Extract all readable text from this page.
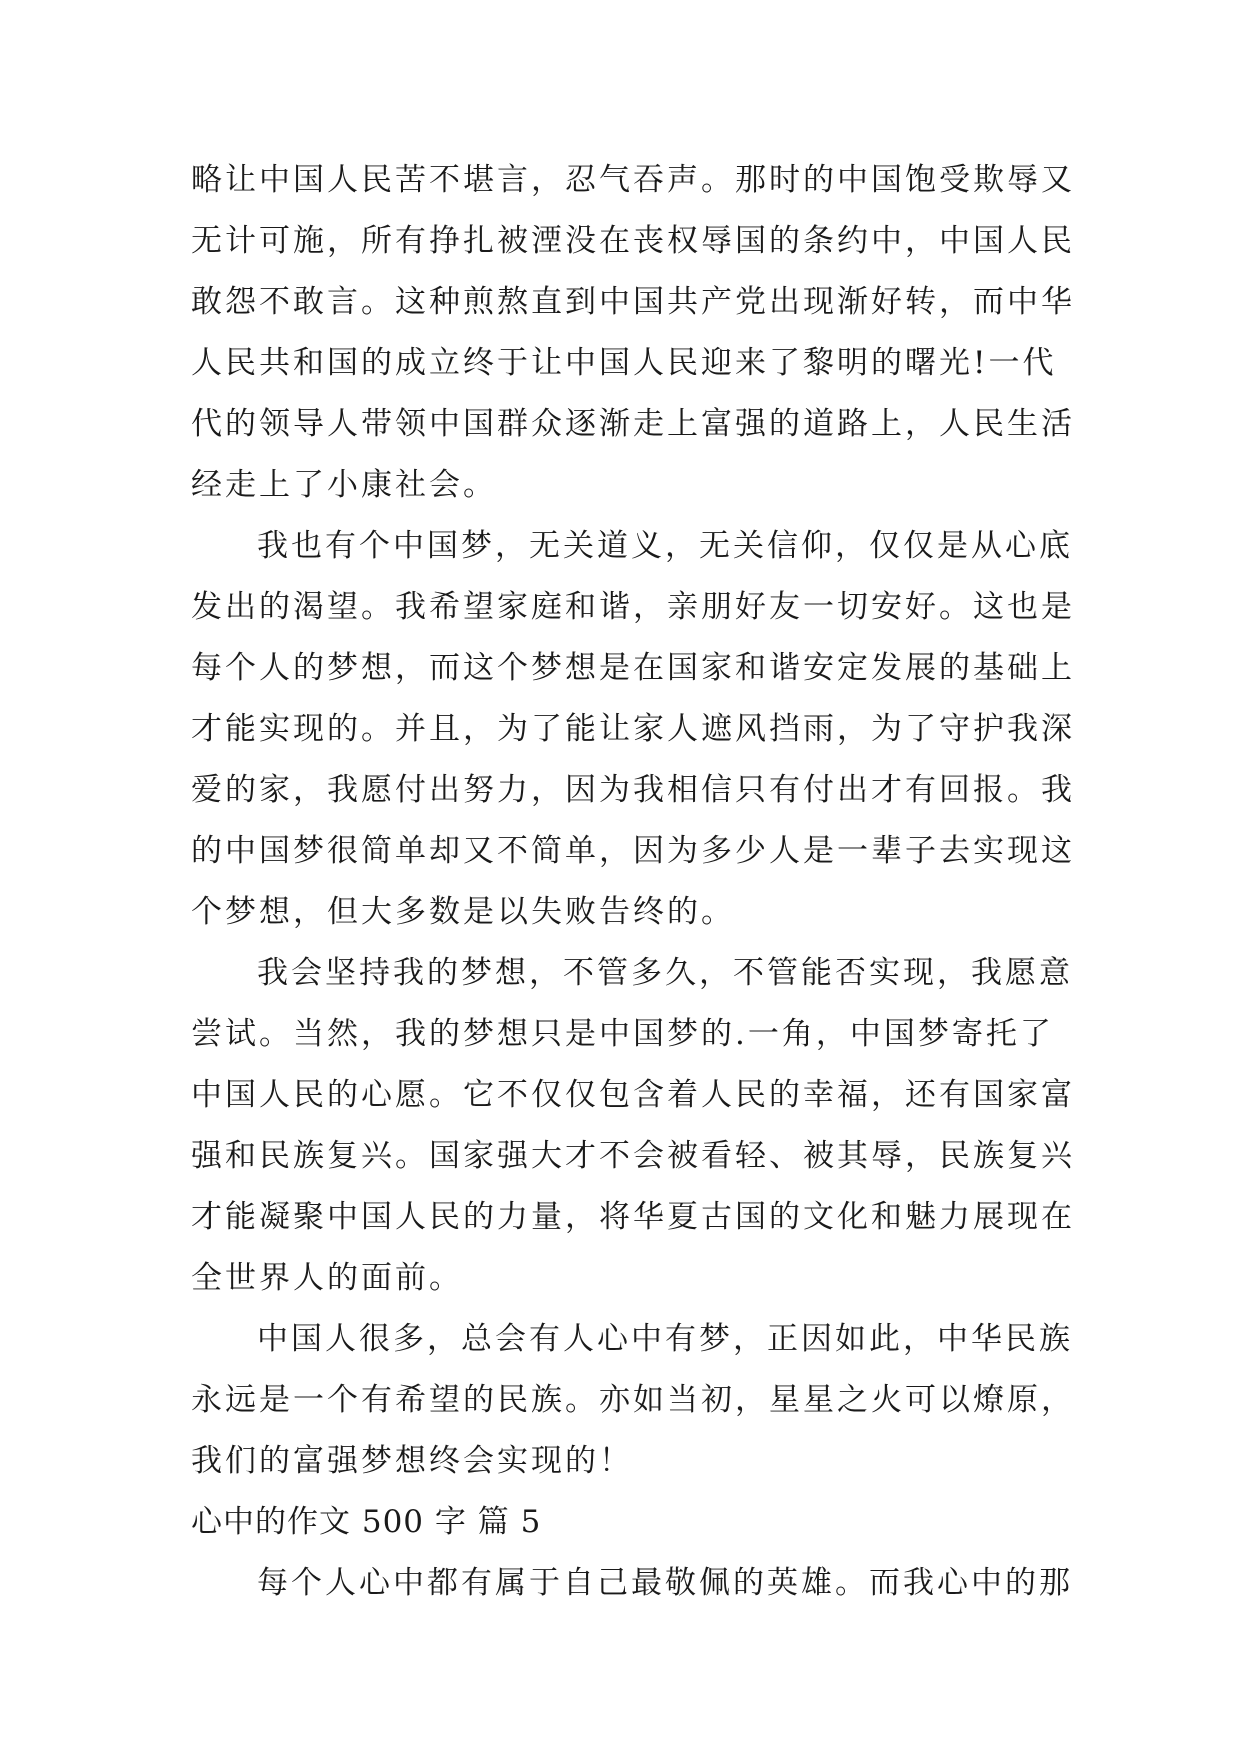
略让中国人民苦不堪言，忍气吞声。那时的中国饱受欺辱又
无计可施，所有挣扎被湮没在丧权辱国的条约中，中国人民
敢怨不敢言。这种煎熬直到中国共产党出现渐好转，而中华
人民共和国的成立终于让中国人民迎来了黎明的曙光!一代
代的领导人带领中国群众逐渐走上富强的道路上，人民生活
经走上了小康社会。
我也有个中国梦，无关道义，无关信仰，仅仅是从心底
发出的渴望。我希望家庭和谐，亲朋好友一切安好。这也是
每个人的梦想，而这个梦想是在国家和谐安定发展的基础上
才能实现的。并且，为了能让家人遮风挡雨，为了守护我深
爱的家，我愿付出努力，因为我相信只有付出才有回报。我
的中国梦很简单却又不简单，因为多少人是一辈子去实现这
个梦想，但大多数是以失败告终的。
我会坚持我的梦想，不管多久，不管能否实现，我愿意
尝试。当然，我的梦想只是中国梦的.一角，中国梦寄托了
中国人民的心愿。它不仅仅包含着人民的幸福，还有国家富
强和民族复兴。国家强大才不会被看轻、被其辱，民族复兴
才能凝聚中国人民的力量，将华夏古国的文化和魅力展现在
全世界人的面前。
中国人很多，总会有人心中有梦，正因如此，中华民族
永远是一个有希望的民族。亦如当初，星星之火可以燎原，
我们的富强梦想终会实现的！
心中的作文 500 字 篇 5
每个人心中都有属于自己最敬佩的英雄。而我心中的那
